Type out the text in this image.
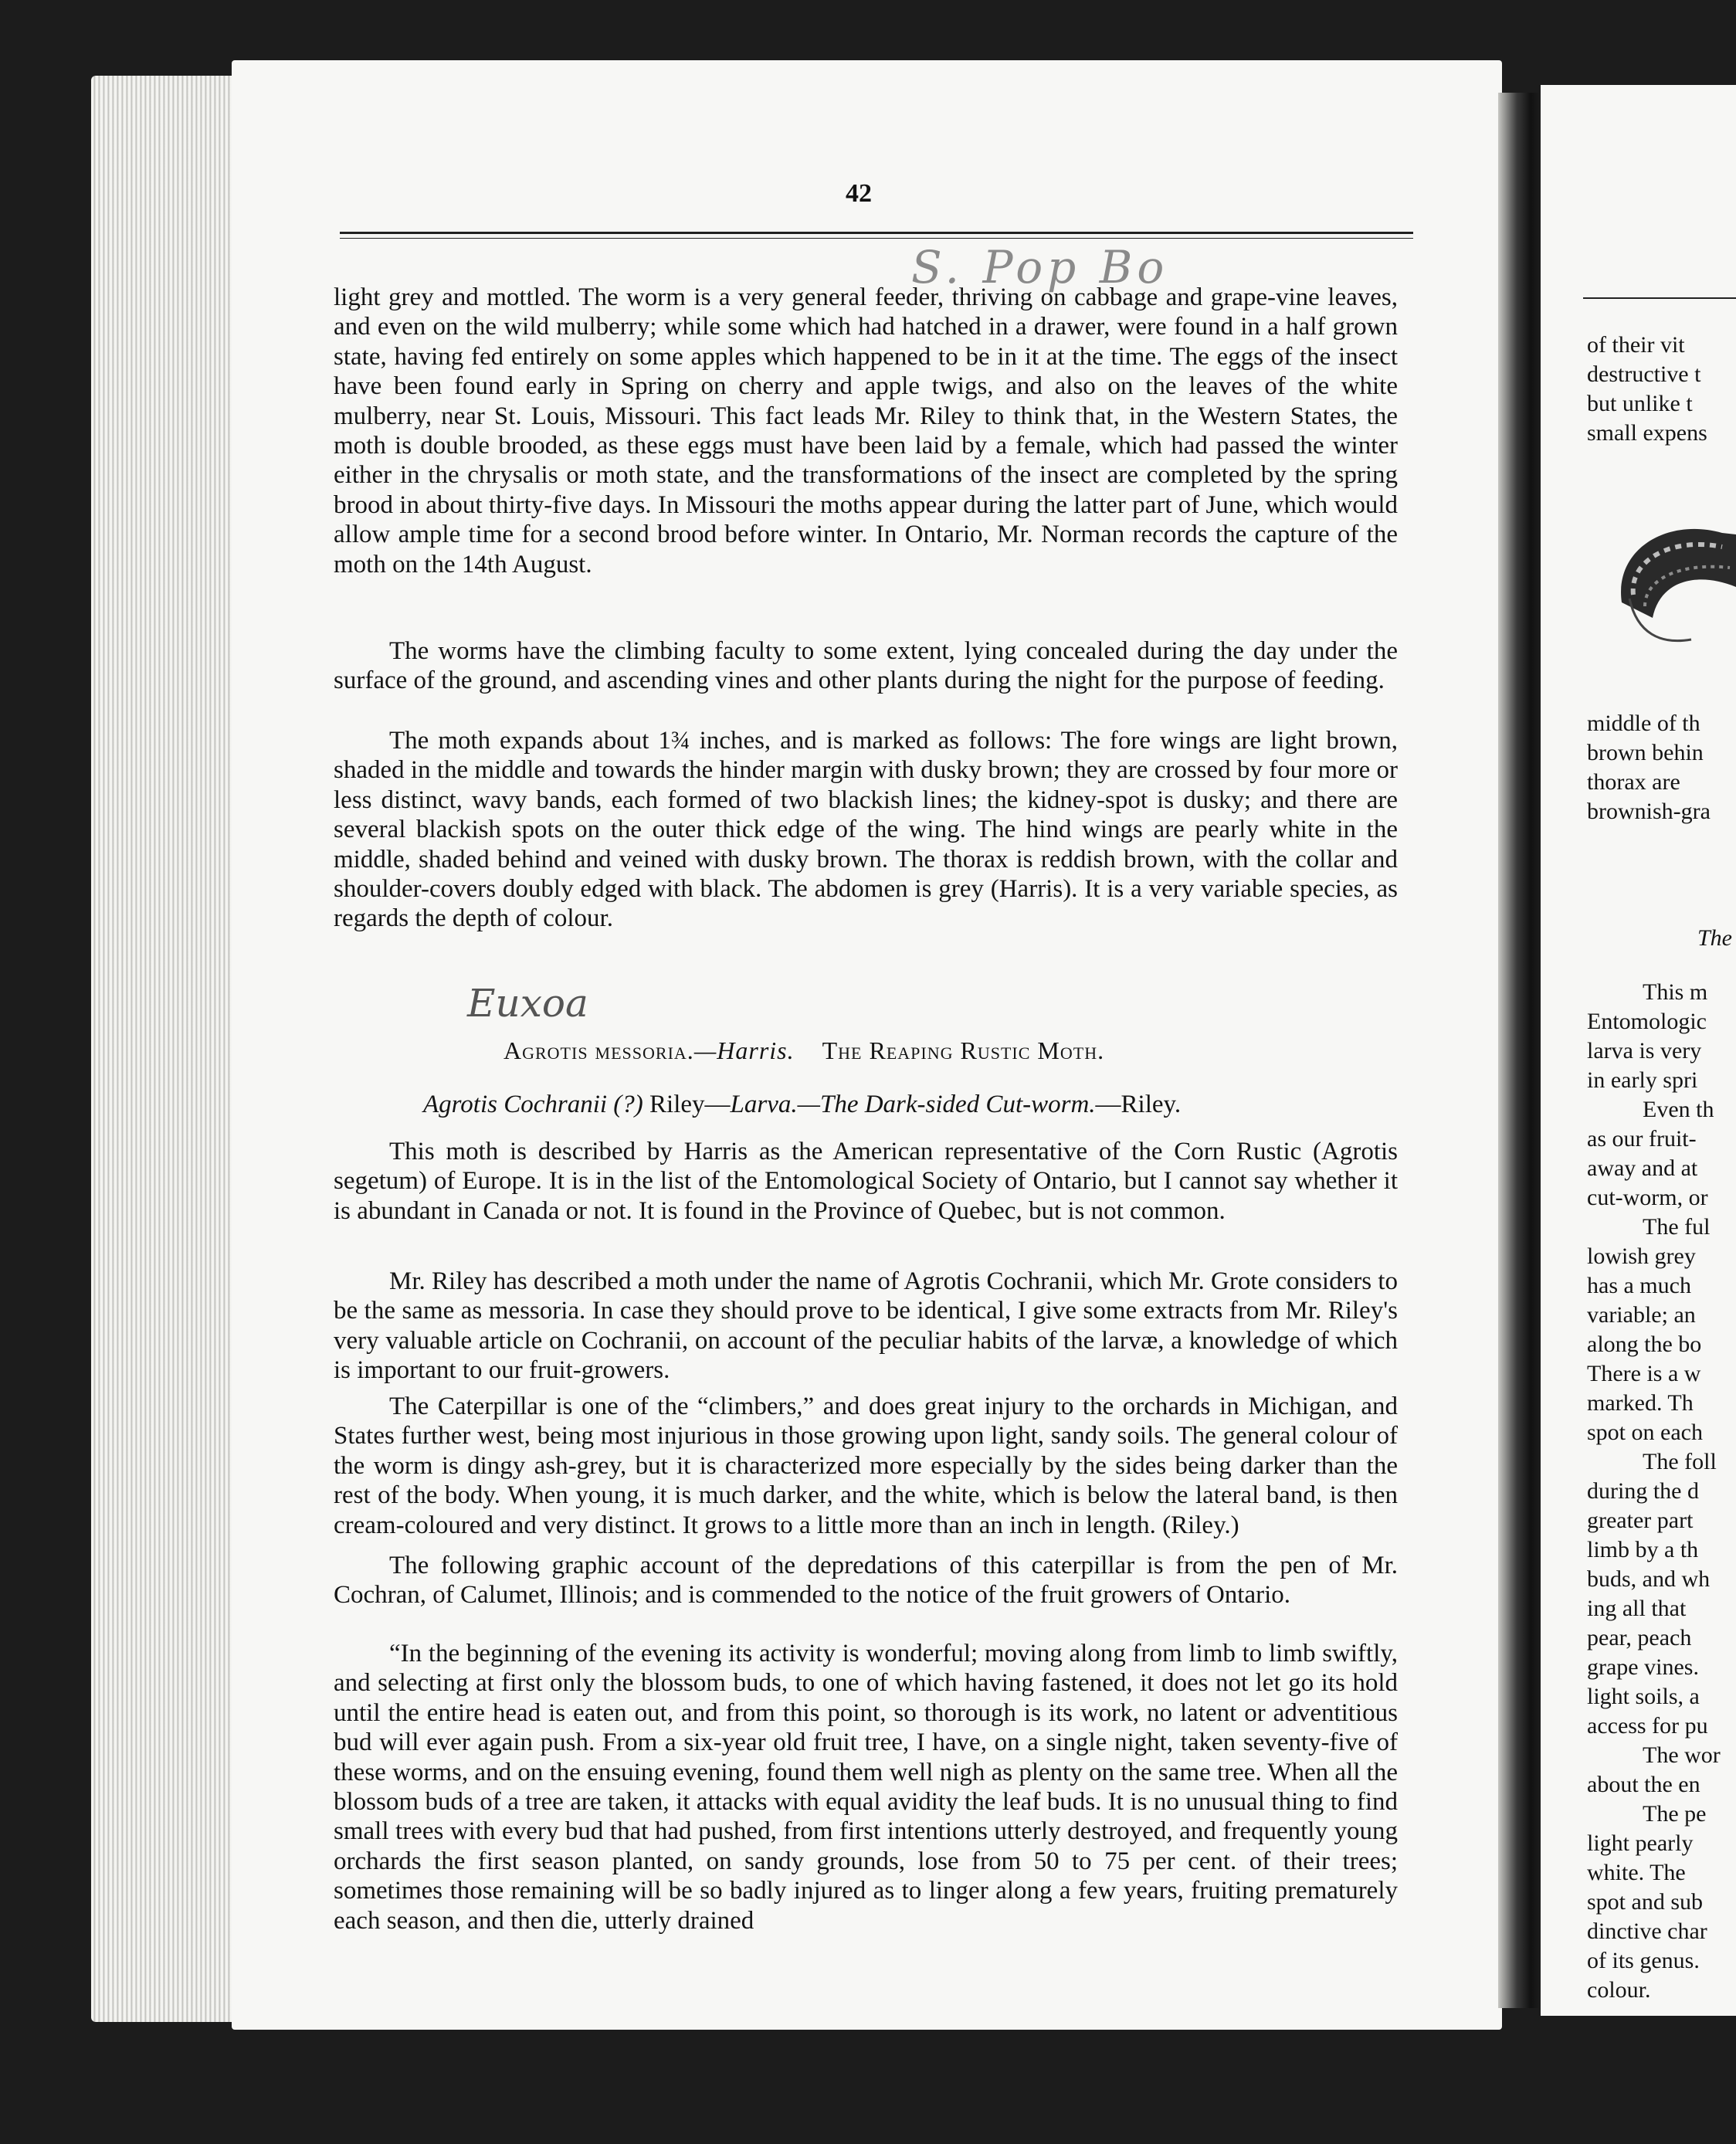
42
S. Pop Bo

light grey and mottled. The worm is a very general feeder, thriving on cabbage and grape-vine leaves, and even on the wild mulberry; while some which had hatched in a drawer, were found in a half grown state, having fed entirely on some apples which happened to be in it at the time. The eggs of the insect have been found early in Spring on cherry and apple twigs, and also on the leaves of the white mulberry, near St. Louis, Missouri. This fact leads Mr. Riley to think that, in the Western States, the moth is double brooded, as these eggs must have been laid by a female, which had passed the winter either in the chrysalis or moth state, and the transformations of the insect are completed by the spring brood in about thirty-five days. In Missouri the moths appear during the latter part of June, which would allow ample time for a second brood before winter. In Ontario, Mr. Norman records the capture of the moth on the 14th August.

The worms have the climbing faculty to some extent, lying concealed during the day under the surface of the ground, and ascending vines and other plants during the night for the purpose of feeding.

The moth expands about 1¾ inches, and is marked as follows: The fore wings are light brown, shaded in the middle and towards the hinder margin with dusky brown; they are crossed by four more or less distinct, wavy bands, each formed of two blackish lines; the kidney-spot is dusky; and there are several blackish spots on the outer thick edge of the wing. The hind wings are pearly white in the middle, shaded behind and veined with dusky brown. The thorax is reddish brown, with the collar and shoulder-covers doubly edged with black. The abdomen is grey (Harris). It is a very variable species, as regards the depth of colour.

Euxoa
Agrotis messoria.—Harris. The Reaping Rustic Moth.
Agrotis Cochranii (?) Riley—Larva.—The Dark-sided Cut-worm.—Riley.

This moth is described by Harris as the American representative of the Corn Rustic (Agrotis segetum) of Europe. It is in the list of the Entomological Society of Ontario, but I cannot say whether it is abundant in Canada or not. It is found in the Province of Quebec, but is not common.

Mr. Riley has described a moth under the name of Agrotis Cochranii, which Mr. Grote considers to be the same as messoria. In case they should prove to be identical, I give some extracts from Mr. Riley's very valuable article on Cochranii, on account of the peculiar habits of the larvæ, a knowledge of which is important to our fruit-growers.

The Caterpillar is one of the “climbers,” and does great injury to the orchards in Michigan, and States further west, being most injurious in those growing upon light, sandy soils. The general colour of the worm is dingy ash-grey, but it is characterized more especially by the sides being darker than the rest of the body. When young, it is much darker, and the white, which is below the lateral band, is then cream-coloured and very distinct. It grows to a little more than an inch in length. (Riley.)

The following graphic account of the depredations of this caterpillar is from the pen of Mr. Cochran, of Calumet, Illinois; and is commended to the notice of the fruit growers of Ontario.

“In the beginning of the evening its activity is wonderful; moving along from limb to limb swiftly, and selecting at first only the blossom buds, to one of which having fastened, it does not let go its hold until the entire head is eaten out, and from this point, so thorough is its work, no latent or adventitious bud will ever again push. From a six-year old fruit tree, I have, on a single night, taken seventy-five of these worms, and on the ensuing evening, found them well nigh as plenty on the same tree. When all the blossom buds of a tree are taken, it attacks with equal avidity the leaf buds. It is no unusual thing to find small trees with every bud that had pushed, from first intentions utterly destroyed, and frequently young orchards the first season planted, on sandy grounds, lose from 50 to 75 per cent. of their trees; sometimes those remaining will be so badly injured as to linger along a few years, fruiting prematurely each season, and then die, utterly drained

of their vit

destructive t

but unlike t

small expens

middle of th

brown behin

thorax are

brownish-gra

The

This m

Entomologic

larva is very

in early spri

Even th

as our fruit-

away and at

cut-worm, or

The ful

lowish grey

has a much

variable; an

along the bo

There is a w

marked. Th

spot on each

The foll

during the d

greater part

limb by a th

buds, and wh

ing all that

pear, peach

grape vines.

light soils, a

access for pu

The wor

about the en

The pe

light pearly

white. The

spot and sub

dinctive char

of its genus.

colour.
